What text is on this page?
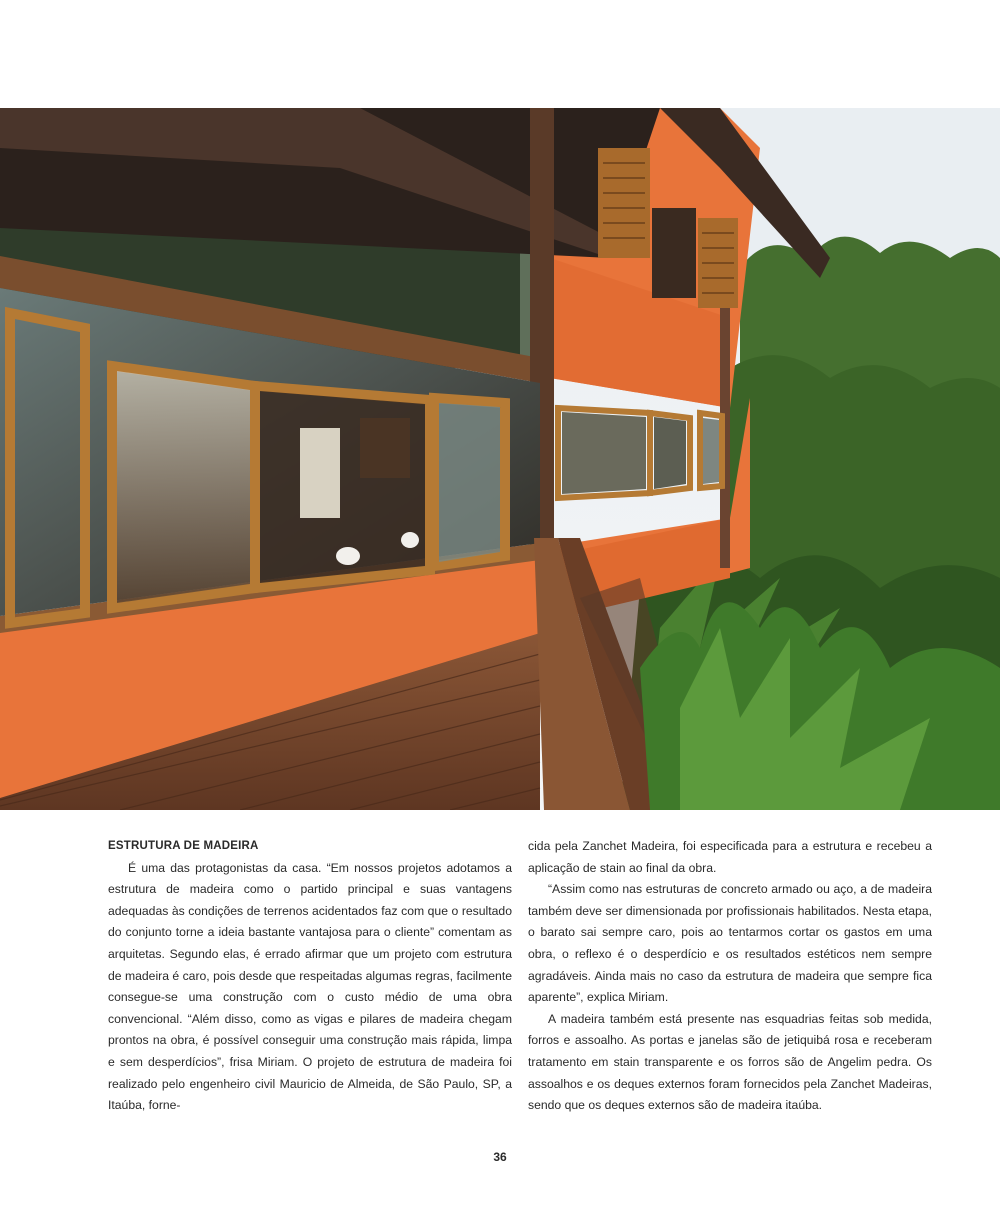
ESTRUTURA DE MADEIRA

É uma das protagonistas da casa. “Em nossos projetos adotamos a estrutura de madeira como o partido principal e suas vantagens adequadas às condições de terrenos acidentados faz com que o resultado do conjunto torne a ideia bastante vantajosa para o cliente” comentam as arquitetas. Segundo elas, é errado afirmar que um projeto com estrutura de madeira é caro, pois desde que respeitadas algumas regras, facilmente consegue-se uma construção com o custo médio de uma obra convencional. “Além disso, como as vigas e pilares de madeira chegam prontos na obra, é possível conseguir uma construção mais rápida, limpa e sem desperdícios”, frisa Miriam. O projeto de estrutura de madeira foi realizado pelo engenheiro civil Mauricio de Almeida, de São Paulo, SP, a Itaúba, forne-

cida pela Zanchet Madeira, foi especificada para a estrutura e recebeu a aplicação de stain ao final da obra.

“Assim como nas estruturas de concreto armado ou aço, a de madeira também deve ser dimensionada por profissionais habilitados. Nesta etapa, o barato sai sempre caro, pois ao tentarmos cortar os gastos em uma obra, o reflexo é o desperdício e os resultados estéticos nem sempre agradáveis. Ainda mais no caso da estrutura de madeira que sempre fica aparente”, explica Miriam.

A madeira também está presente nas esquadrias feitas sob medida, forros e assoalho. As portas e janelas são de jetiquibá rosa e receberam tratamento em stain transparente e os forros são de Angelim pedra. Os assoalhos e os deques externos foram fornecidos pela Zanchet Madeiras, sendo que os deques externos são de madeira itaúba.

36
